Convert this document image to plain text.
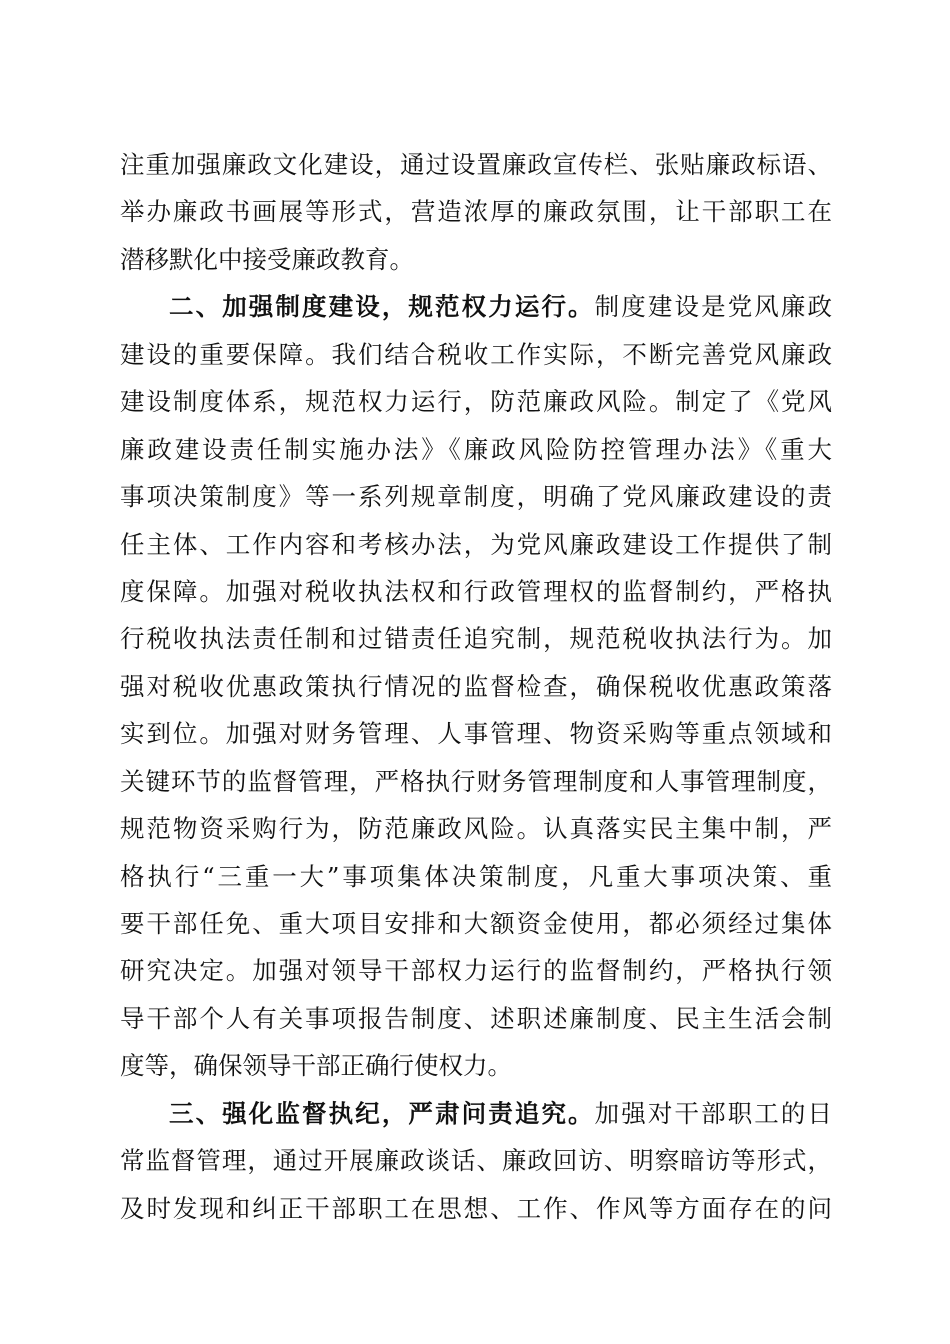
注重加强廉政文化建设，通过设置廉政宣传栏、张贴廉政标语、
举办廉政书画展等形式，营造浓厚的廉政氛围，让干部职工在
潜移默化中接受廉政教育。
二、加强制度建设，规范权力运行。制度建设是党风廉政
建设的重要保障。我们结合税收工作实际，不断完善党风廉政
建设制度体系，规范权力运行，防范廉政风险。制定了《党风
廉政建设责任制实施办法》《廉政风险防控管理办法》《重大
事项决策制度》等一系列规章制度，明确了党风廉政建设的责
任主体、工作内容和考核办法，为党风廉政建设工作提供了制
度保障。加强对税收执法权和行政管理权的监督制约，严格执
行税收执法责任制和过错责任追究制，规范税收执法行为。加
强对税收优惠政策执行情况的监督检查，确保税收优惠政策落
实到位。加强对财务管理、人事管理、物资采购等重点领域和
关键环节的监督管理，严格执行财务管理制度和人事管理制度，
规范物资采购行为，防范廉政风险。认真落实民主集中制，严
格执行“三重一大”事项集体决策制度，凡重大事项决策、重
要干部任免、重大项目安排和大额资金使用，都必须经过集体
研究决定。加强对领导干部权力运行的监督制约，严格执行领
导干部个人有关事项报告制度、述职述廉制度、民主生活会制
度等，确保领导干部正确行使权力。
三、强化监督执纪，严肃问责追究。加强对干部职工的日
常监督管理，通过开展廉政谈话、廉政回访、明察暗访等形式，
及时发现和纠正干部职工在思想、工作、作风等方面存在的问
